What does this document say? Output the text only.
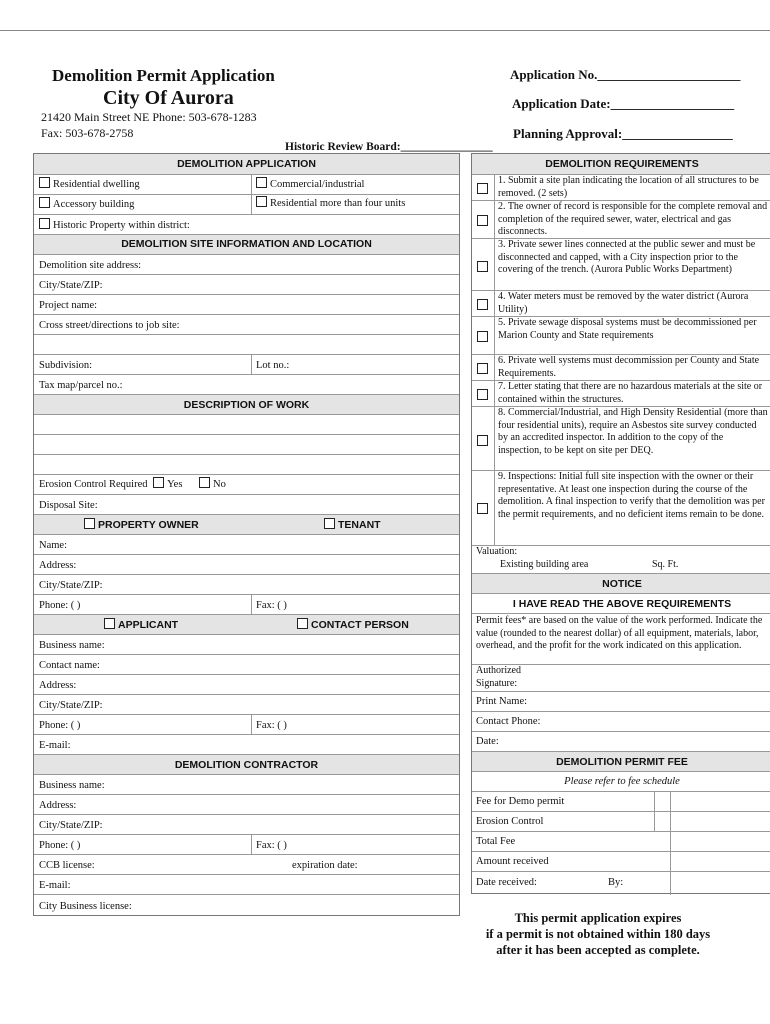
Demolition Permit Application
City Of Aurora
21420 Main Street NE Phone: 503-678-1283
Fax: 503-678-2758
Historic Review Board:________________
Application No.______________________
Application Date:___________________
Planning Approval:_________________
DEMOLITION APPLICATION
Residential dwelling	Commercial/industrial
Accessory building	Residential more than four units
Historic Property within district:
DEMOLITION SITE INFORMATION AND LOCATION
Demolition site address:
City/State/ZIP:
Project name:
Cross street/directions to job site:
Subdivision:	Lot no.:
Tax map/parcel no.:
DESCRIPTION OF WORK
Erosion Control Required Yes	No
Disposal Site:
PROPERTY OWNER	TENANT
Name:
Address:
City/State/ZIP:
Phone: ( )	Fax: ( )
APPLICANT	CONTACT PERSON
Business name:
Contact name:
Address:
City/State/ZIP:
Phone: ( )	Fax: ( )
E-mail:
DEMOLITION CONTRACTOR
Business name:
Address:
City/State/ZIP:
Phone: ( )	Fax: ( )
CCB license:	expiration date:
E-mail:
City Business license:
DEMOLITION REQUIREMENTS
1. Submit a site plan indicating the location of all structures to be removed. (2 sets)
2. The owner of record is responsible for the complete removal and completion of the required sewer, water, electrical and gas disconnects.
3. Private sewer lines connected at the public sewer and must be disconnected and capped, with a City inspection prior to the covering of the trench. (Aurora Public Works Department)
4. Water meters must be removed by the water district (Aurora Utility)
5. Private sewage disposal systems must be decommissioned per Marion County and State requirements
6. Private well systems must decommission per County and State Requirements.
7. Letter stating that there are no hazardous materials at the site or contained within the structures.
8. Commercial/Industrial, and High Density Residential (more than four residential units), require an Asbestos site survey conducted by an accredited inspector. In addition to the copy of the inspection, to be kept on site per DEQ.
9. Inspections: Initial full site inspection with the owner or their representative. At least one inspection during the course of the demolition. A final inspection to verify that the demolition was per the permit requirements, and no deficient items remain to be done.
Valuation:
Existing building area	Sq. Ft.
NOTICE
I HAVE READ THE ABOVE REQUIREMENTS
Permit fees* are based on the value of the work performed. Indicate the value (rounded to the nearest dollar) of all equipment, materials, labor, overhead, and the profit for the work indicated on this application.
Authorized
Signature:
Print Name:
Contact Phone:
Date:
DEMOLITION PERMIT FEE
Please refer to fee schedule
Fee for Demo permit
Erosion Control
Total Fee
Amount received
Date received:	By:
This permit application expires
if a permit is not obtained within 180 days
after it has been accepted as complete.
